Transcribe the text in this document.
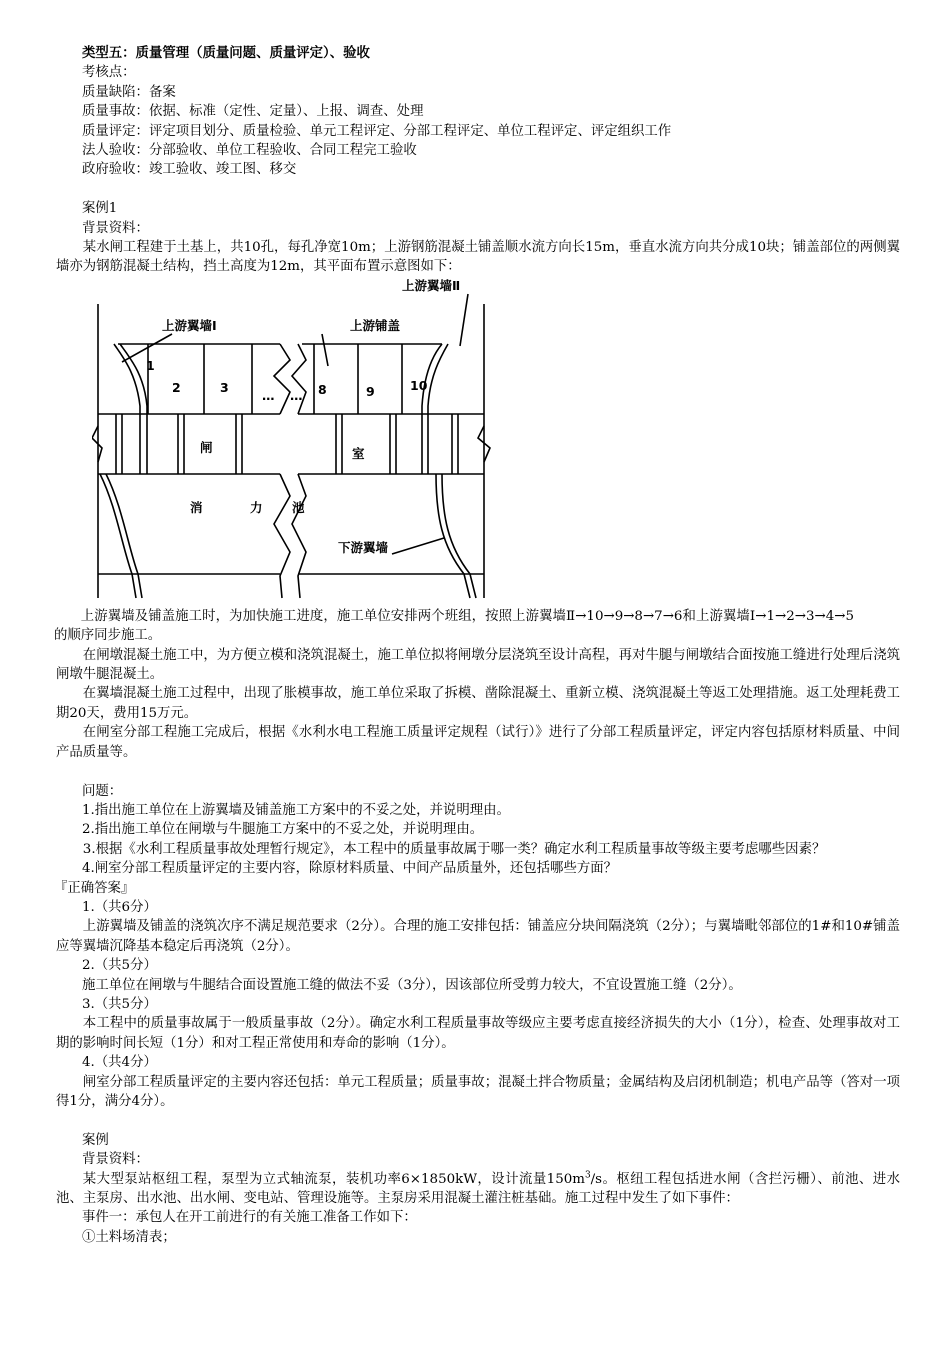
类型五：质量管理（质量问题、质量评定）、验收
考核点：
质量缺陷：备案
质量事故：依据、标准（定性、定量）、上报、调查、处理
质量评定：评定项目划分、质量检验、单元工程评定、分部工程评定、单位工程评定、评定组织工作
法人验收：分部验收、单位工程验收、合同工程完工验收
政府验收：竣工验收、竣工图、移交
案例1
背景资料：
某水闸工程建于土基上，共10孔，每孔净宽10m；上游钢筋混凝土铺盖顺水流方向长15m，垂直水流方向共分成10块；铺盖部位的两侧翼墙亦为钢筋混凝土结构，挡土高度为12m，其平面布置示意图如下：
上游翼墙及铺盖施工时，为加快施工进度，施工单位安排两个班组，按照上游翼墙Ⅱ→10→9→8→7→6和上游翼墙Ⅰ→1→2→3→4→5的顺序同步施工。
在闸墩混凝土施工中，为方便立模和浇筑混凝土，施工单位拟将闸墩分层浇筑至设计高程，再对牛腿与闸墩结合面按施工缝进行处理后浇筑闸墩牛腿混凝土。
在翼墙混凝土施工过程中，出现了胀模事故，施工单位采取了拆模、凿除混凝土、重新立模、浇筑混凝土等返工处理措施。返工处理耗费工期20天，费用15万元。
在闸室分部工程施工完成后，根据《水利水电工程施工质量评定规程（试行）》进行了分部工程质量评定，评定内容包括原材料质量、中间产品质量等。
问题：
1.指出施工单位在上游翼墙及铺盖施工方案中的不妥之处，并说明理由。
2.指出施工单位在闸墩与牛腿施工方案中的不妥之处，并说明理由。
3.根据《水利工程质量事故处理暂行规定》，本工程中的质量事故属于哪一类？确定水利工程质量事故等级主要考虑哪些因素？
4.闸室分部工程质量评定的主要内容，除原材料质量、中间产品质量外，还包括哪些方面？
『正确答案』
1.（共6分）
上游翼墙及铺盖的浇筑次序不满足规范要求（2分）。合理的施工安排包括：铺盖应分块间隔浇筑（2分）；与翼墙毗邻部位的1#和10#铺盖应等翼墙沉降基本稳定后再浇筑（2分）。
2.（共5分）
施工单位在闸墩与牛腿结合面设置施工缝的做法不妥（3分），因该部位所受剪力较大，不宜设置施工缝（2分）。
3.（共5分）
本工程中的质量事故属于一般质量事故（2分）。确定水利工程质量事故等级应主要考虑直接经济损失的大小（1分），检查、处理事故对工期的影响时间长短（1分）和对工程正常使用和寿命的影响（1分）。
4.（共4分）
闸室分部工程质量评定的主要内容还包括：单元工程质量；质量事故；混凝土拌合物质量；金属结构及启闭机制造；机电产品等（答对一项得1分，满分4分）。
案例
背景资料：
某大型泵站枢纽工程，泵型为立式轴流泵，装机功率6×1850kW，设计流量$150m^3/s$。枢纽工程包括进水闸（含拦污栅）、前池、进水池、主泵房、出水池、出水闸、变电站、管理设施等。主泵房采用混凝土灌注桩基础。施工过程中发生了如下事件：
事件一：承包人在开工前进行的有关施工准备工作如下：
①土料场清表；
上游翼墙Ⅰ	上游铺盖
上游翼墙Ⅱ
下游翼墙
1
2	3
… … 8	9	10
闸	室
消	力 池
